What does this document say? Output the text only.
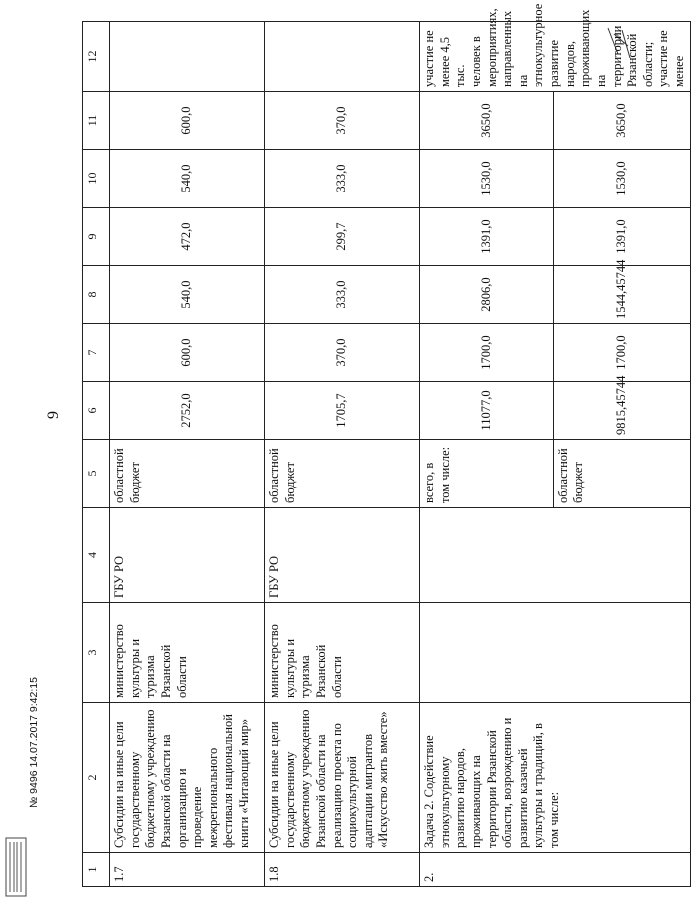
9
1	2	3	4	5	6	7	8	9	10	11	12
1.7	Субсидии на иные цели государственному бюджетному учреждению Рязанской области на организацию и проведение межрегионального фестиваля национальной книги «Читающий мир»	министерство культуры и туризма Рязанской области	ГБУ РО	областной бюджет	2752,0	600,0	540,0	472,0	540,0	600,0	
1.8	Субсидии на иные цели государственному бюджетному учреждению Рязанской области на реализацию проекта по социокультурной адаптации мигрантов «Искусство жить вместе»	министерство культуры и туризма Рязанской области	ГБУ РО	областной бюджет	1705,7	370,0	333,0	299,7	333,0	370,0	
2.	Задача 2. Содействие этнокультурному развитию народов, проживающих на территории Рязанской области, возрождению и развитию казачьей культуры и традиций, в том числе:			всего, в том числе:	11077,0	1700,0	2806,0	1391,0	1530,0	3650,0	участие не менее 4,5 тыс. человек в мероприятиях, направленных на этнокультурное развитие народов, проживающих на территории Рязанской области; участие не менее
				областной бюджет	9815,45744	1700,0	1544,45744	1391,0	1530,0	3650,0	
№ 9496 14.07.2017 9:42:15
